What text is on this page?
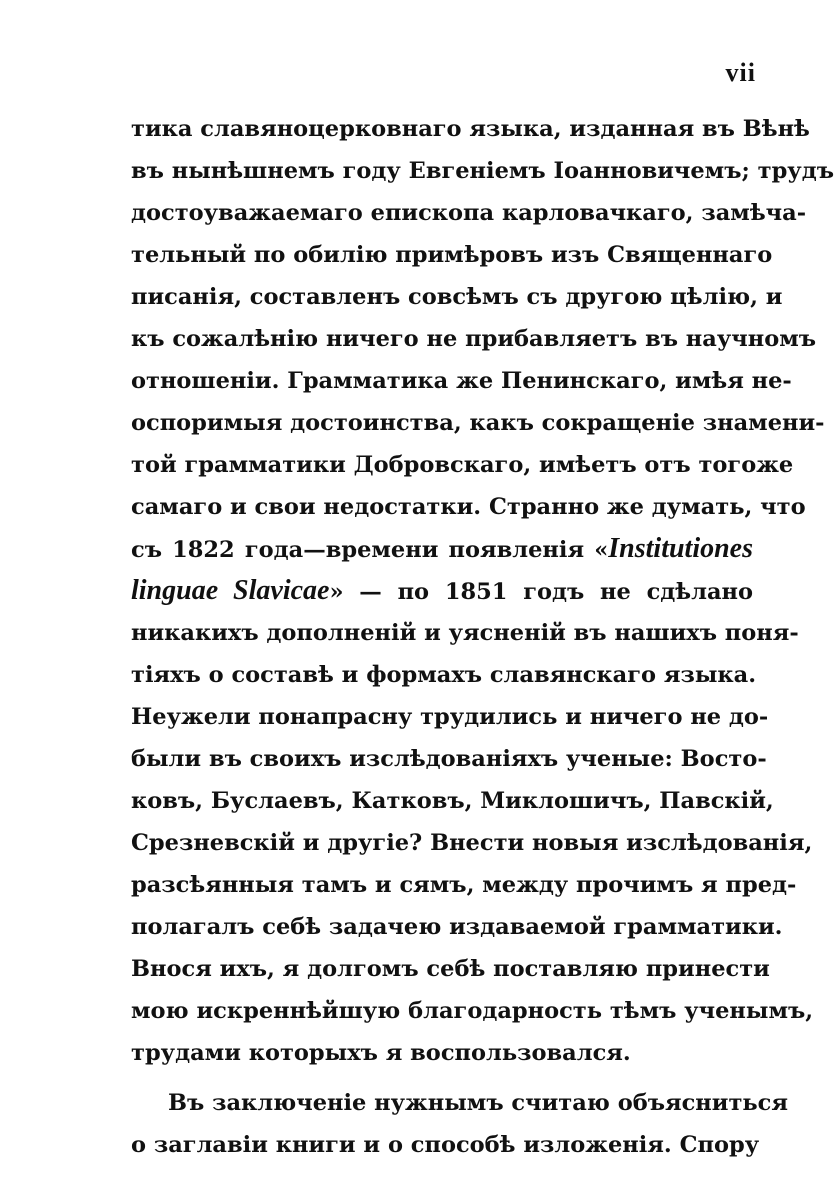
vii
тика славяноцерковнаго языка, изданная въ Вѣнѣ
въ нынѣшнемъ году Евгенiемъ Iоанновичемъ; трудъ
достоуважаемаго епископа карловачкаго, замѣча-
тельный по обилiю примѣровъ изъ Священнаго
писанiя, составленъ совсѣмъ съ другою цѣлiю, и
къ сожалѣнiю ничего не прибавляетъ въ научномъ
отношенiи. Грамматика же Пенинскаго, имѣя не-
оспоримыя достоинства, какъ сокращенiе знамени-
той грамматики Добровскаго, имѣетъ отъ тогоже
самаго и свои недостатки. Странно же думать, что
съ 1822 года—времени появленiя «Institutiones
linguae Slavicae» — по 1851 годъ не сдѣлано
никакихъ дополненiй и уясненiй въ нашихъ поня-
тiяхъ о составѣ и формахъ славянскаго языка.
Неужели понапрасну трудились и ничего не до-
были въ своихъ изслѣдованiяхъ ученые: Восто-
ковъ, Буслаевъ, Катковъ, Миклошичъ, Павскiй,
Срезневскiй и другiе? Внести новыя изслѣдованiя,
разсѣянныя тамъ и сямъ, между прочимъ я пред-
полагалъ себѣ задачею издаваемой грамматики.
Вноcя ихъ, я долгомъ себѣ поставляю принести
мою искреннѣйшую благодарность тѣмъ ученымъ,
трудами которыхъ я воспользовался.
Въ заключенiе нужнымъ считаю объясниться
о заглавiи книги и о способѣ изложенiя. Спору
